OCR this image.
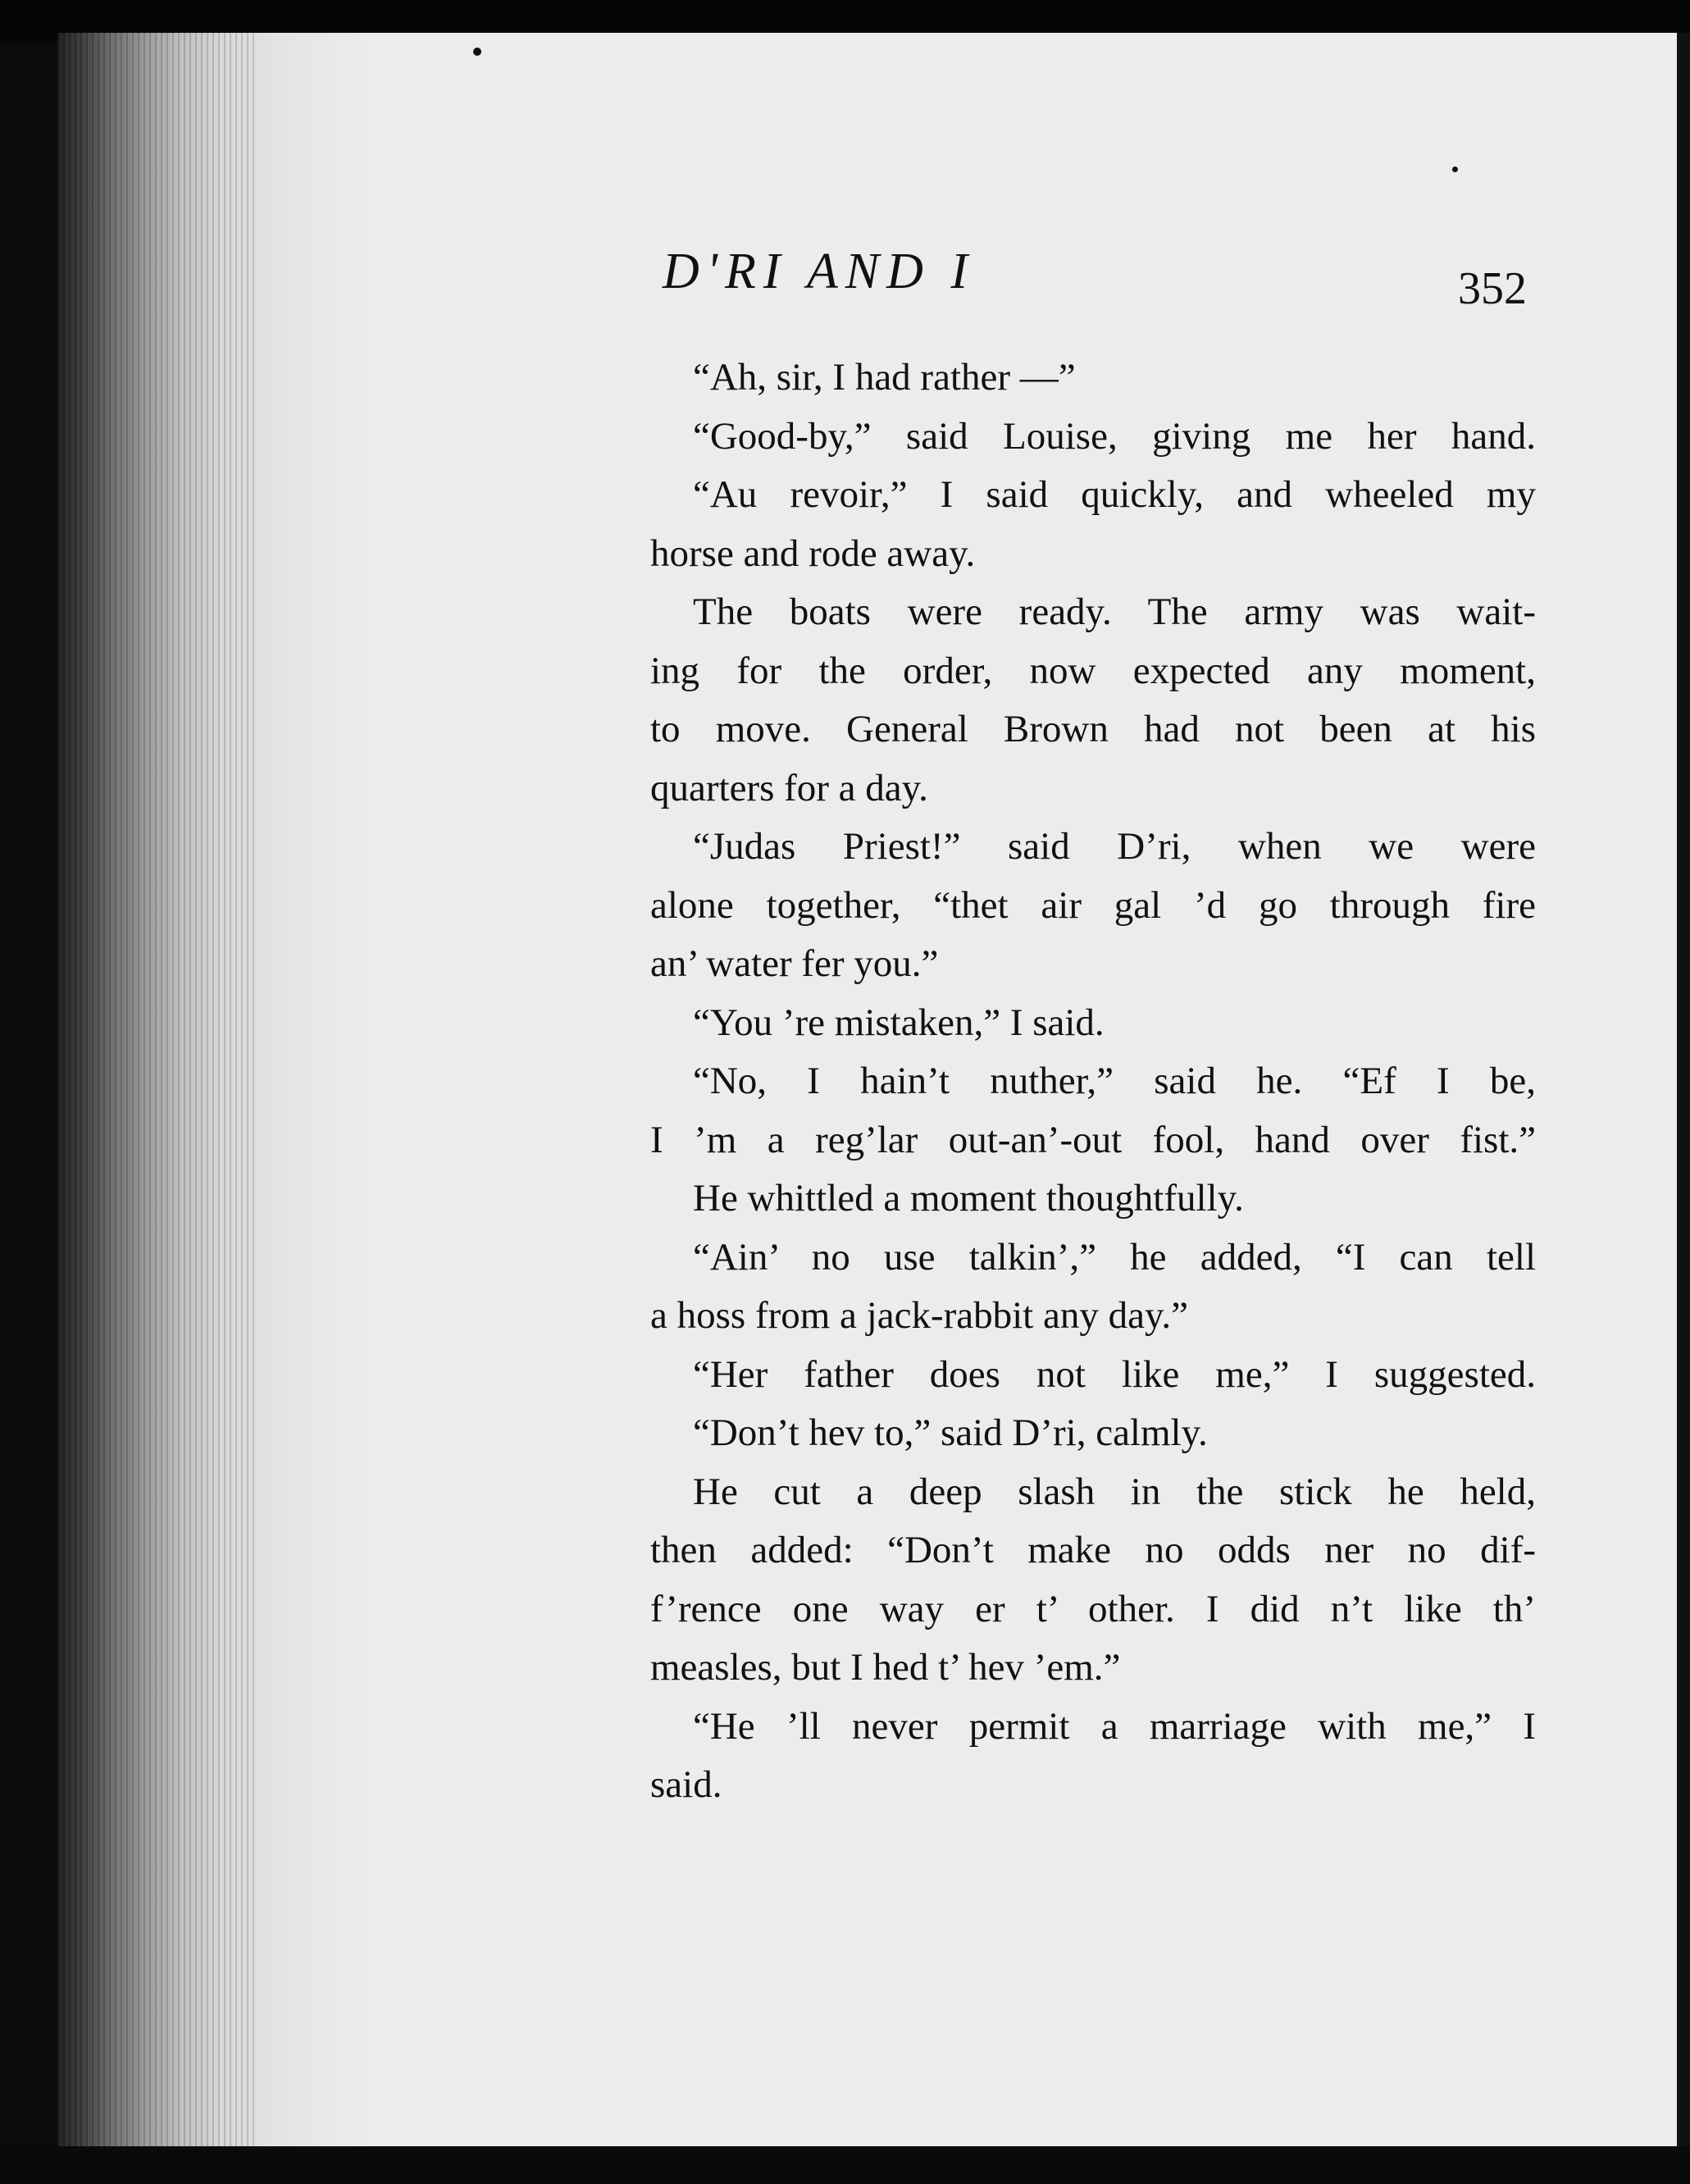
D'RI AND I	352
“Ah, sir, I had rather —”
“Good-by,” said Louise, giving me her hand.
“Au revoir,” I said quickly, and wheeled my
horse and rode away.
The boats were ready. The army was wait-
ing for the order, now expected any moment,
to move. General Brown had not been at his
quarters for a day.
“Judas Priest!” said D’ri, when we were
alone together, “thet air gal ’d go through fire
an’ water fer you.”
“You ’re mistaken,” I said.
“No, I hain’t nuther,” said he. “Ef I be,
I ’m a reg’lar out-an’-out fool, hand over fist.”
He whittled a moment thoughtfully.
“Ain’ no use talkin’,” he added, “I can tell
a hoss from a jack-rabbit any day.”
“Her father does not like me,” I suggested.
“Don’t hev to,” said D’ri, calmly.
He cut a deep slash in the stick he held,
then added: “Don’t make no odds ner no dif-
f’rence one way er t’ other. I did n’t like th’
measles, but I hed t’ hev ’em.”
“He ’ll never permit a marriage with me,” I
said.
